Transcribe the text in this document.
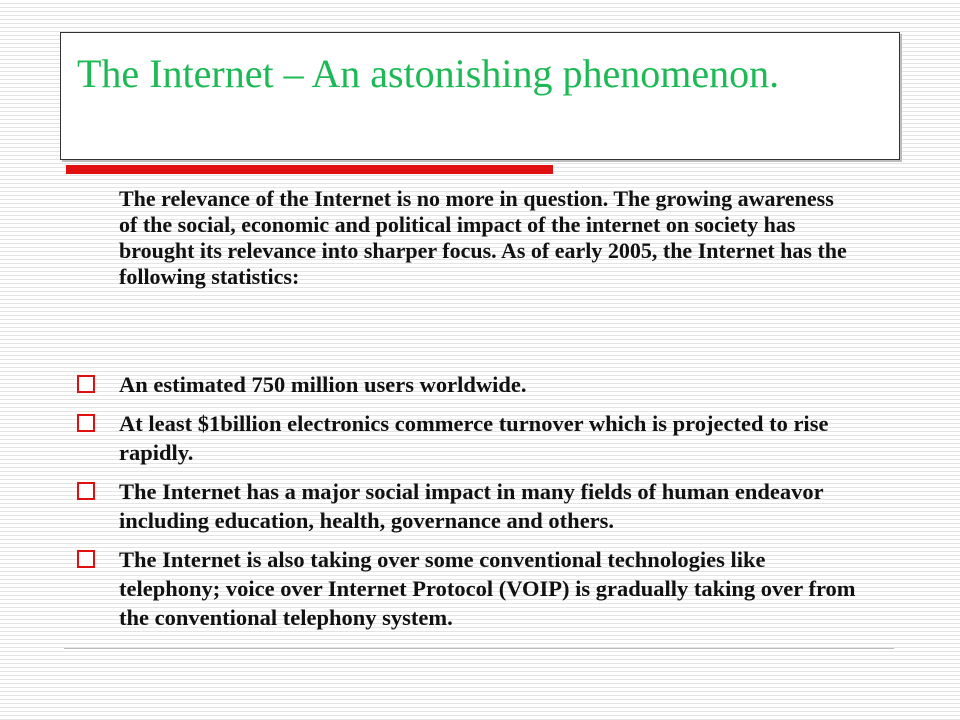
The Internet – An astonishing phenomenon.

The relevance of the Internet is no more in question. The growing awareness of the social, economic and political impact of the internet on society has brought its relevance into sharper focus. As of early 2005, the Internet has the following statistics:

An estimated 750 million users worldwide.
At least $1billion electronics commerce turnover which is projected to rise rapidly.
The Internet has a major social impact in many fields of human endeavor including education, health, governance and others.
The Internet is also taking over some conventional technologies like telephony; voice over Internet Protocol (VOIP) is gradually taking over from the conventional telephony system.
